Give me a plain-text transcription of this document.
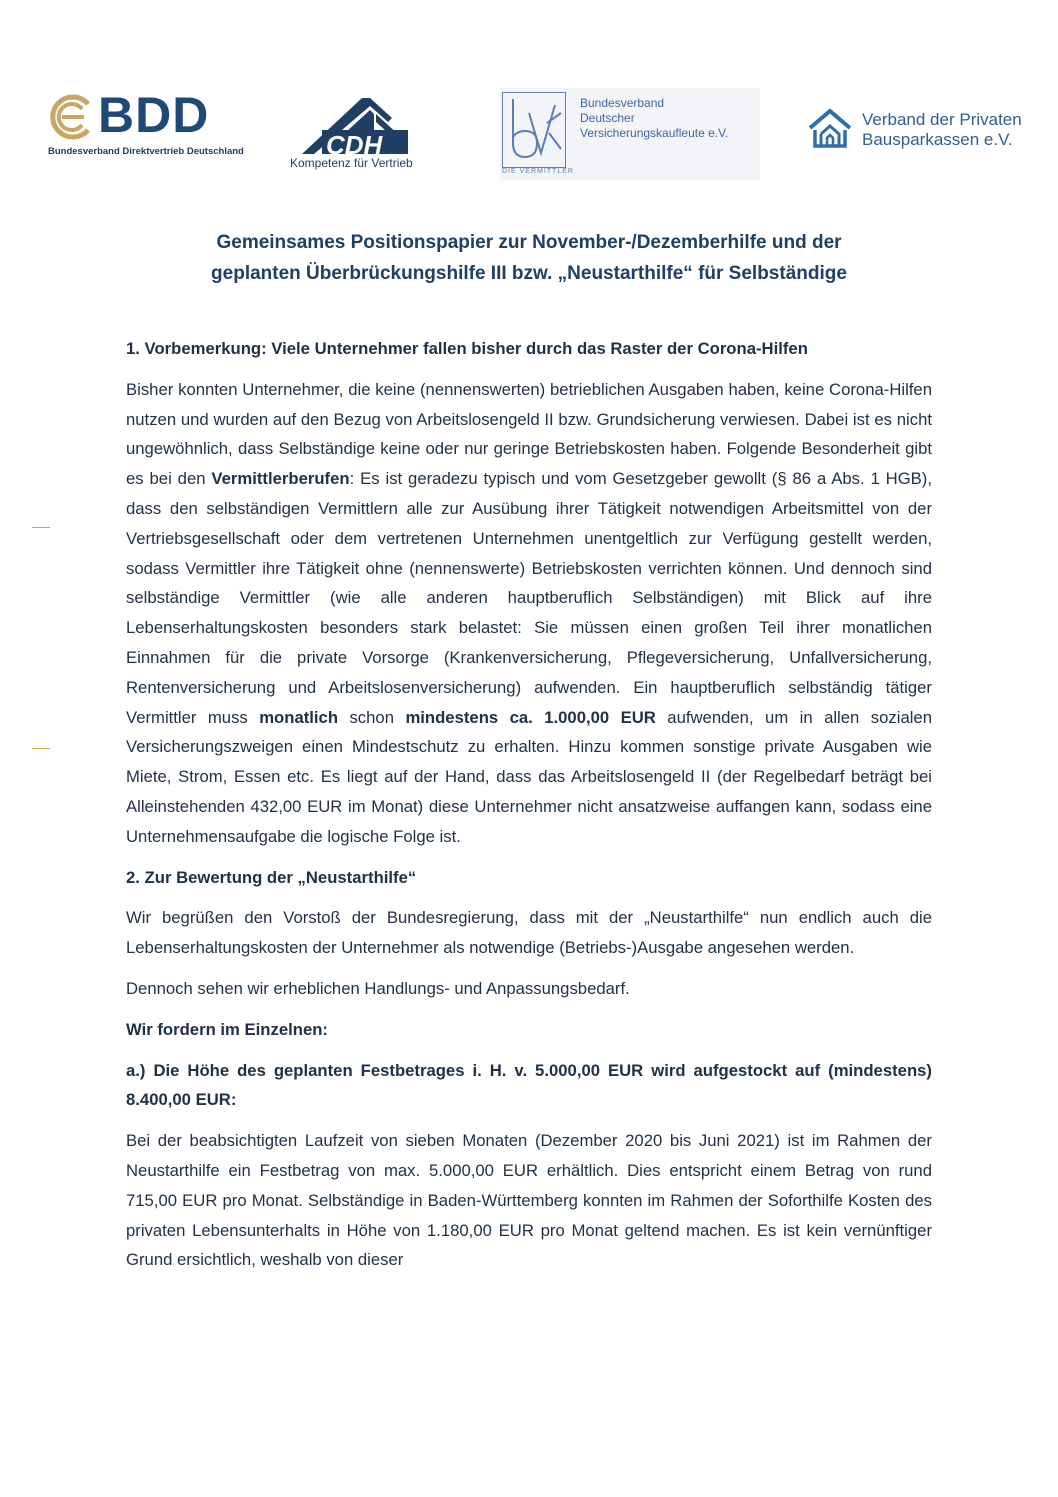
BDD
Bundesverband Direktvertrieb Deutschland	CDH
Kompetenz für Vertrieb
DIE VERMITTLER
Bundesverband
Deutscher
Versicherungskaufleute e.V.
Verband der Privaten
Bausparkassen e.V.
Gemeinsames Positionspapier zur November-/Dezemberhilfe und der
geplanten Überbrückungshilfe III bzw. „Neustarthilfe“ für Selbständige

1. Vorbemerkung: Viele Unternehmer fallen bisher durch das Raster der Corona-Hilfen

Bisher konnten Unternehmer, die keine (nennenswerten) betrieblichen Ausgaben haben, keine Corona-Hilfen nutzen und wurden auf den Bezug von Arbeitslosengeld II bzw. Grundsicherung verwiesen. Dabei ist es nicht ungewöhnlich, dass Selbständige keine oder nur geringe Betriebskosten haben. Folgende Besonderheit gibt es bei den Vermittlerberufen: Es ist geradezu typisch und vom Gesetzgeber gewollt (§ 86 a Abs. 1 HGB), dass den selbständigen Vermittlern alle zur Ausübung ihrer Tätigkeit notwendigen Arbeitsmittel von der Vertriebsgesellschaft oder dem vertretenen Unternehmen unentgeltlich zur Verfügung gestellt werden, sodass Vermittler ihre Tätigkeit ohne (nennenswerte) Betriebskosten verrichten können. Und dennoch sind selbständige Vermittler (wie alle anderen hauptberuflich Selbständigen) mit Blick auf ihre Lebenserhaltungskosten besonders stark belastet: Sie müssen einen großen Teil ihrer monatlichen Einnahmen für die private Vorsorge (Krankenversicherung, Pflegeversicherung, Unfallversicherung, Rentenversicherung und Arbeitslosenversicherung) aufwenden. Ein hauptberuflich selbständig tätiger Vermittler muss monatlich schon mindestens ca. 1.000,00 EUR aufwenden, um in allen sozialen Versicherungszweigen einen Mindestschutz zu erhalten. Hinzu kommen sonstige private Ausgaben wie Miete, Strom, Essen etc. Es liegt auf der Hand, dass das Arbeitslosengeld II (der Regelbedarf beträgt bei Alleinstehenden 432,00 EUR im Monat) diese Unternehmer nicht ansatzweise auffangen kann, sodass eine Unternehmensaufgabe die logische Folge ist.

2. Zur Bewertung der „Neustarthilfe“

Wir begrüßen den Vorstoß der Bundesregierung, dass mit der „Neustarthilfe“ nun endlich auch die Lebenserhaltungskosten der Unternehmer als notwendige (Betriebs-)Ausgabe angesehen werden.

Dennoch sehen wir erheblichen Handlungs- und Anpassungsbedarf.

Wir fordern im Einzelnen:

a.) Die Höhe des geplanten Festbetrages i. H. v. 5.000,00 EUR wird aufgestockt auf (mindestens) 8.400,00 EUR:

Bei der beabsichtigten Laufzeit von sieben Monaten (Dezember 2020 bis Juni 2021) ist im Rahmen der Neustarthilfe ein Festbetrag von max. 5.000,00 EUR erhältlich. Dies entspricht einem Betrag von rund 715,00 EUR pro Monat. Selbständige in Baden-Württemberg konnten im Rahmen der Soforthilfe Kosten des privaten Lebensunterhalts in Höhe von 1.180,00 EUR pro Monat geltend machen. Es ist kein vernünftiger Grund ersichtlich, weshalb von dieser
